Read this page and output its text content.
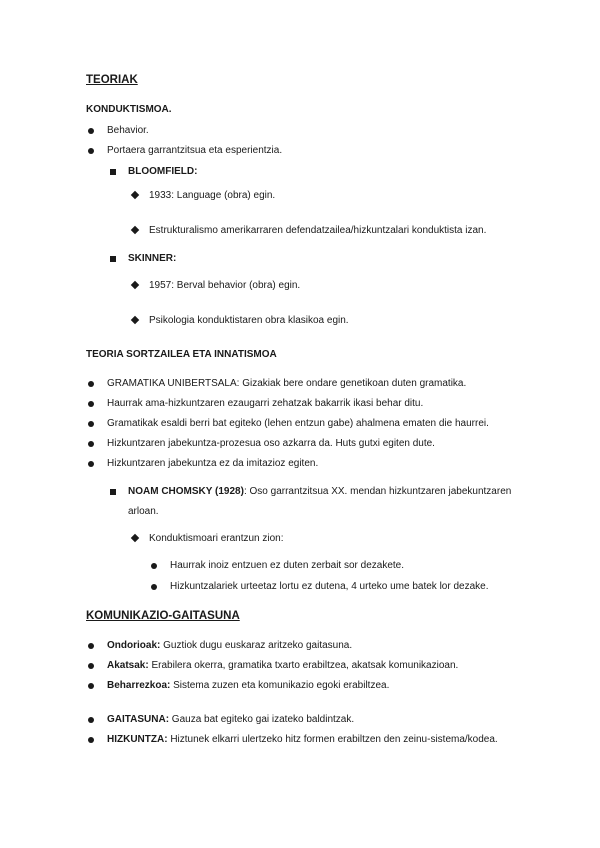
TEORIAK
KONDUKTISMOA.
Behavior.
Portaera garrantzitsua eta esperientzia.
BLOOMFIELD:
1933: Language (obra) egin.
Estrukturalismo amerikarraren defendatzailea/hizkuntzalari konduktista izan.
SKINNER:
1957: Berval behavior (obra) egin.
Psikologia konduktistaren obra klasikoa egin.
TEORIA SORTZAILEA ETA INNATISMOA
GRAMATIKA UNIBERTSALA: Gizakiak bere ondare genetikoan duten gramatika.
Haurrak ama-hizkuntzaren ezaugarri zehatzak bakarrik ikasi behar ditu.
Gramatikak esaldi berri bat egiteko (lehen entzun gabe) ahalmena ematen die haurrei.
Hizkuntzaren jabekuntza-prozesua oso azkarra da. Huts gutxi egiten dute.
Hizkuntzaren jabekuntza ez da imitazioz egiten.
NOAM CHOMSKY (1928): Oso garrantzitsua XX. mendan hizkuntzaren jabekuntzaren
arloan.
Konduktismoari erantzun zion:
Haurrak inoiz entzuen ez duten zerbait sor dezakete.
Hizkuntzalariek urteetaz lortu ez dutena, 4 urteko ume batek lor dezake.
KOMUNIKAZIO-GAITASUNA
Ondorioak: Guztiok dugu euskaraz aritzeko gaitasuna.
Akatsak: Erabilera okerra, gramatika txarto erabiltzea, akatsak komunikazioan.
Beharrezkoa: Sistema zuzen eta komunikazio egoki erabiltzea.
GAITASUNA: Gauza bat egiteko gai izateko baldintzak.
HIZKUNTZA: Hiztunek elkarri ulertzeko hitz formen erabiltzen den zeinu-sistema/kodea.
